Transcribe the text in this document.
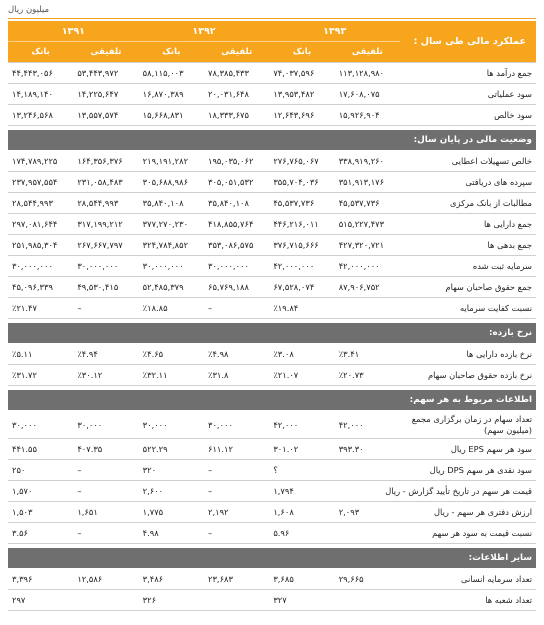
میلیون ریال
عملکرد مالی طی سال :	۱۳۹۳		۱۳۹۲		۱۳۹۱	
	تلفیقی	بانک	تلفیقی	بانک	تلفیقی	بانک
جمع درآمد ها	۱۱۳,۱۲۸,۹۸۰	۷۴,۰۳۷,۵۹۶	۷۸,۳۸۵,۴۳۳	۵۸,۱۱۵,۰۰۳	۵۳,۴۴۳,۹۷۲	۴۴,۴۴۳,۰۵۶
سود عملیاتی	۱۷,۶۰۸,۰۷۵	۱۳,۹۵۳,۴۸۲	۲۰,۰۳۱,۶۴۸	۱۶,۸۷۰,۳۸۹	۱۴,۲۲۵,۶۴۷	۱۴,۱۸۹,۱۴۰
سود خالص	۱۵,۹۲۶,۹۰۴	۱۲,۶۴۳,۶۹۶	۱۸,۳۳۳,۶۷۵	۱۵,۶۶۸,۸۳۱	۱۳,۵۵۷,۵۷۴	۱۳,۲۴۶,۵۶۸

وضعیت مالی در پایان سال:						
خالص تسهیلات اعطایی	۳۳۸,۹۱۹,۲۶۰	۲۷۶,۷۶۵,۰۶۷	۱۹۵,۰۳۵,۰۶۲	۲۱۹,۱۹۱,۲۸۲	۱۶۴,۳۵۶,۳۷۶	۱۷۴,۷۸۹,۲۲۵
سپرده های دریافتی	۳۵۱,۹۱۳,۱۷۶	۳۵۵,۷۰۴,۰۳۶	۳۰۵,۰۵۱,۵۳۲	۳۰۵,۶۸۸,۹۸۶	۲۳۱,۰۵۸,۴۸۳	۲۳۷,۹۵۷,۵۵۴
مطالبات از بانک مرکزی	۴۵,۵۳۷,۷۳۶	۴۵,۵۳۷,۷۳۶	۳۵,۸۴۰,۱۰۸	۳۵,۸۴۰,۱۰۸	۲۸,۵۴۴,۹۹۳	۲۸,۵۴۴,۹۹۳
جمع دارایی ها	۵۱۵,۲۲۷,۴۷۳	۴۴۶,۲۱۶,۰۱۱	۴۱۸,۸۵۵,۷۶۴	۳۷۷,۲۷۰,۲۳۰	۳۱۷,۱۹۹,۲۱۲	۲۹۷,۰۸۱,۶۴۴
جمع بدهی ها	۴۲۷,۳۲۰,۷۲۱	۳۷۶,۷۱۵,۶۶۶	۳۵۳,۰۸۶,۵۷۵	۳۲۴,۷۸۴,۸۵۲	۲۶۷,۶۶۷,۷۹۷	۲۵۱,۹۸۵,۳۰۴
سرمایه ثبت شده	۴۲,۰۰۰,۰۰۰	۴۲,۰۰۰,۰۰۰	۳۰,۰۰۰,۰۰۰	۳۰,۰۰۰,۰۰۰	۳۰,۰۰۰,۰۰۰	۳۰,۰۰۰,۰۰۰
جمع حقوق صاحبان سهام	۸۷,۹۰۶,۷۵۲	۶۷,۵۲۸,۰۷۴	۶۵,۷۶۹,۱۸۸	۵۲,۴۸۵,۳۷۹	۴۹,۵۳۰,۴۱۵	۴۵,۰۹۶,۳۳۹
نسبت کفایت سرمایه		٪۱۹.۸۴	–	٪۱۸.۸۵	–	٪۲۱.۴۷

نرخ بازده:						
نرخ بازده دارایی ها	٪۳.۴۱	٪۳.۰۸	٪۴.۹۸	٪۴.۶۵	٪۴.۹۴	٪۵.۱۱
نرخ بازده حقوق صاحبان سهام	٪۲۰.۷۳	٪۲۱.۰۷	٪۳۱.۸	٪۳۲.۱۱	٪۳۰.۱۲	٪۳۱.۷۲

اطلاعات مربوط به هر سهم:						
تعداد سهام در زمان برگزاری مجمع (میلیون سهم)	۴۲,۰۰۰	۴۲,۰۰۰	۳۰,۰۰۰	۳۰,۰۰۰	۳۰,۰۰۰	۳۰,۰۰۰
سود هر سهم EPS ریال	۳۹۳.۳۰	۳۰۱.۰۲	۶۱۱.۱۲	۵۲۲.۲۹	۴۰۷.۳۵	۴۴۱.۵۵
سود نقدی هر سهم DPS ریال		؟	–	۳۲۰	–	۲۵۰
قیمت هر سهم در تاریخ تأیید گزارش - ریال		۱,۷۹۴	–	۲,۶۰۰	–	۱,۵۷۰
ارزش دفتری هر سهم - ریال	۲,۰۹۳	۱,۶۰۸	۲,۱۹۲	۱,۷۷۵	۱,۶۵۱	۱,۵۰۳
نسبت قیمت به سود هر سهم		۵.۹۶	–	۴.۹۸	–	۳.۵۶

سایر اطلاعات:						
تعداد سرمایه انسانی	۲۹,۶۶۵	۳,۶۸۵	۲۳,۶۸۳	۳,۴۸۶	۱۲,۵۸۶	۳,۳۹۶
تعداد شعبه ها		۳۲۷		۳۲۶		۲۹۷
